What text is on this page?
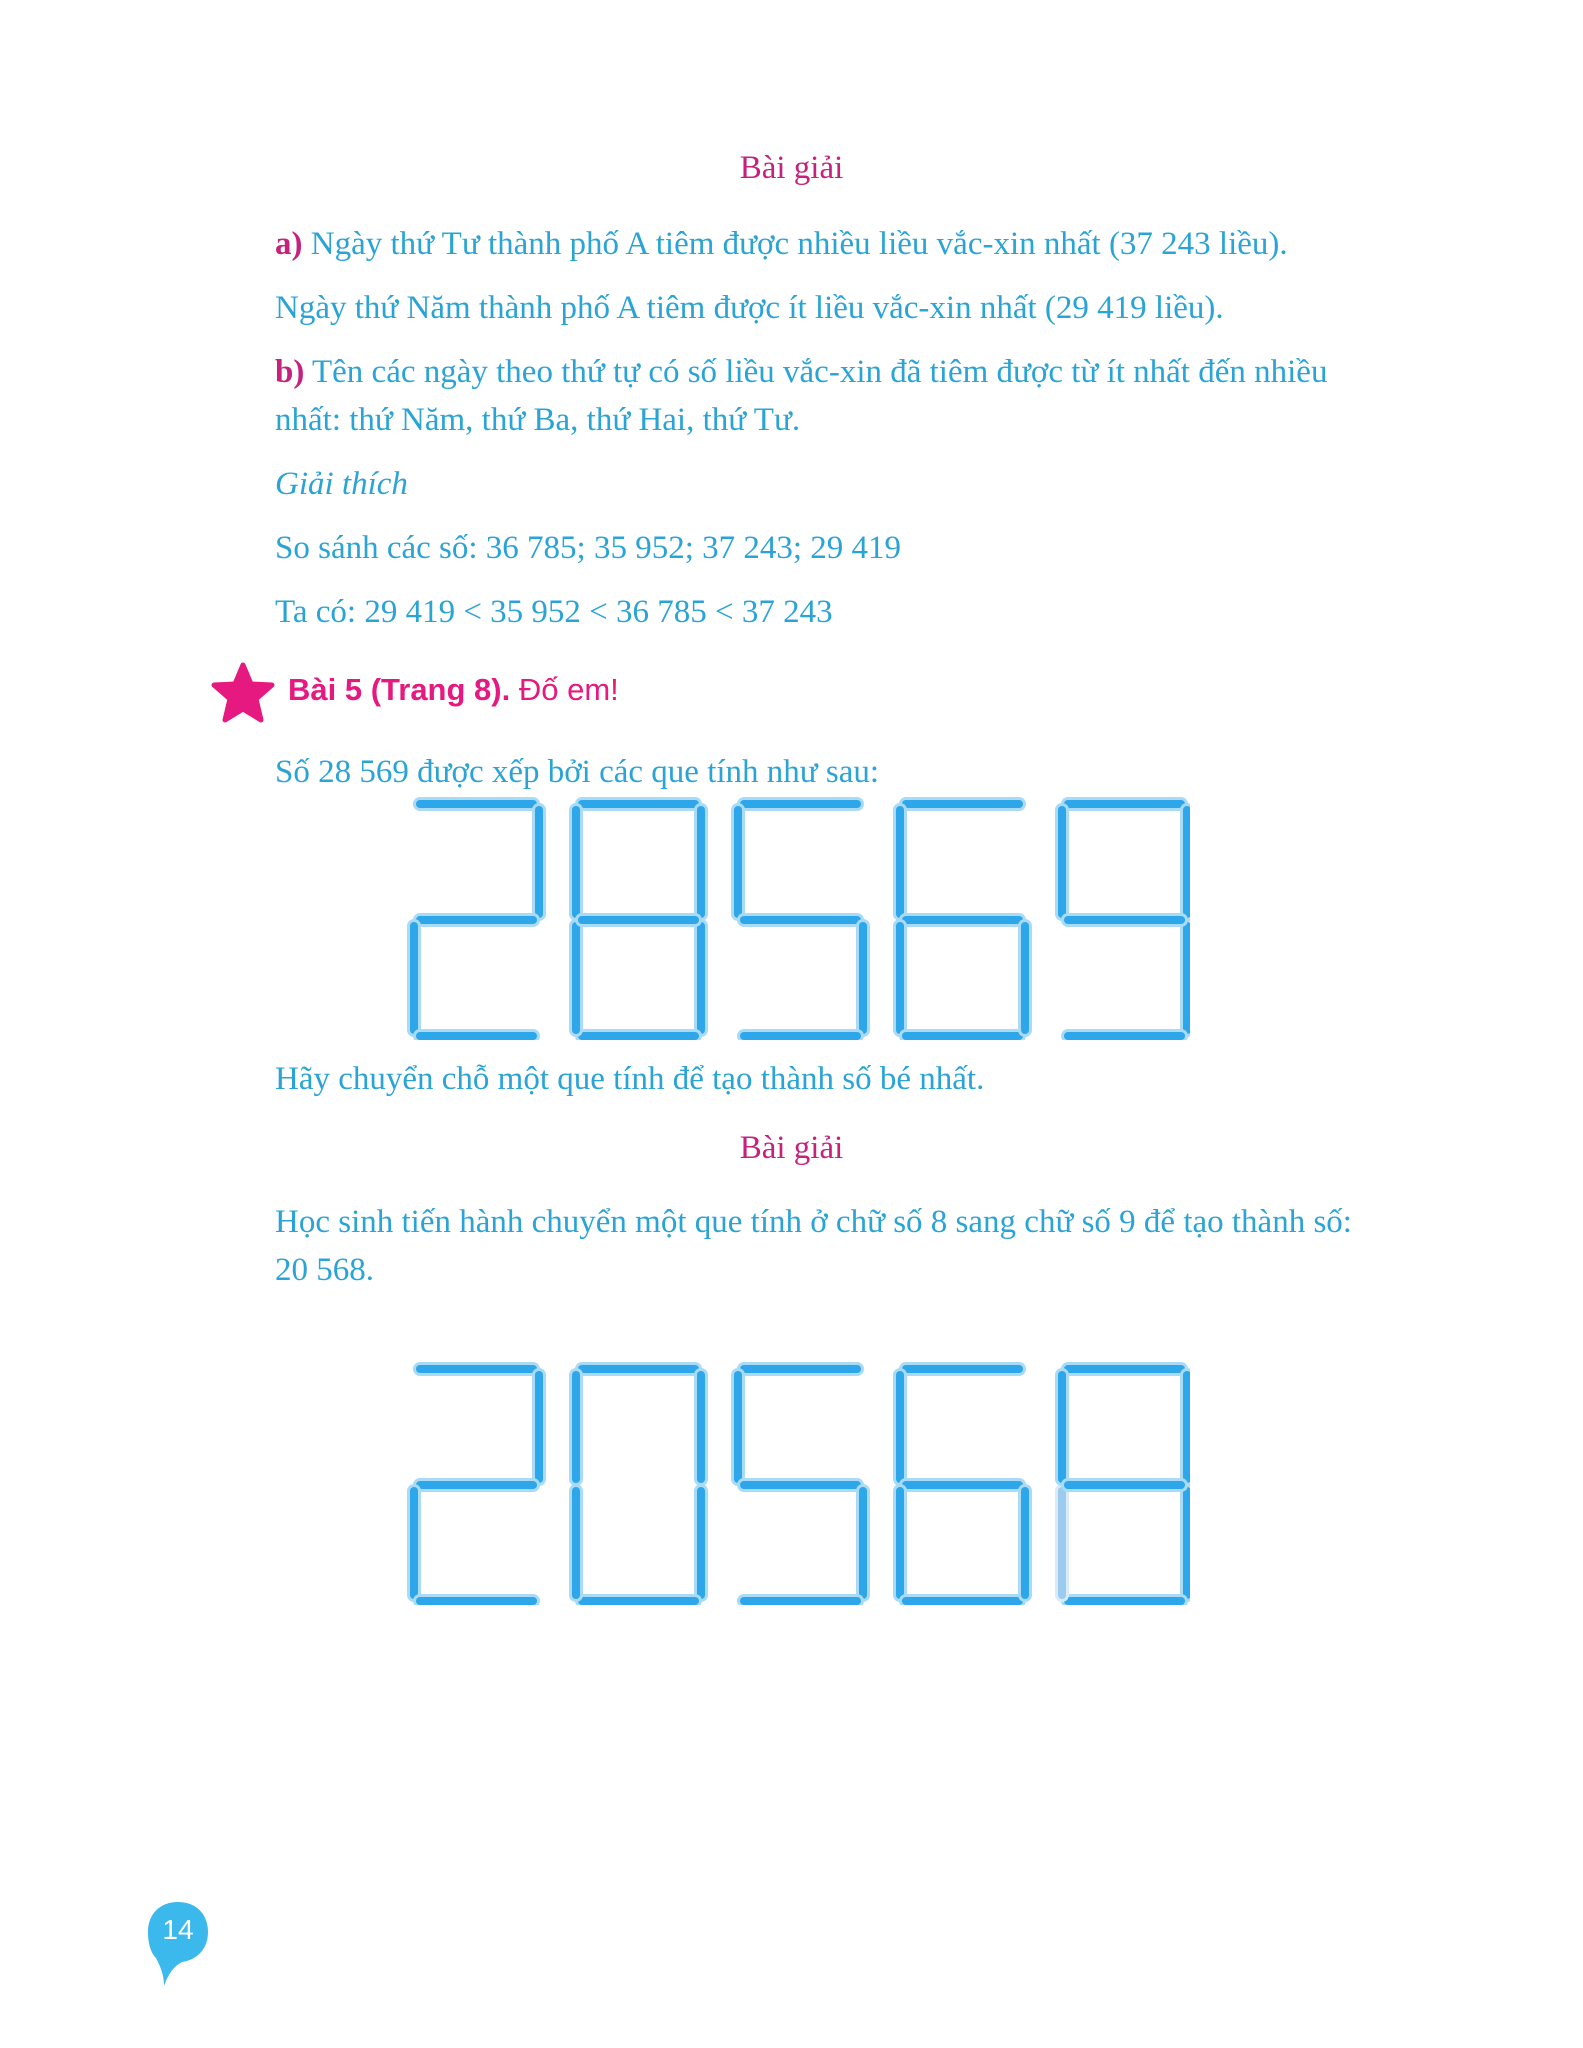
Bài giải

a) Ngày thứ Tư thành phố A tiêm được nhiều liều vắc-xin nhất (37 243 liều).

Ngày thứ Năm thành phố A tiêm được ít liều vắc-xin nhất (29 419 liều).

b) Tên các ngày theo thứ tự có số liều vắc-xin đã tiêm được từ ít nhất đến nhiều nhất: thứ Năm, thứ Ba, thứ Hai, thứ Tư.

Giải thích

So sánh các số: 36 785; 35 952; 37 243; 29 419

Ta có: 29 419 < 35 952 < 36 785 < 37 243

Bài 5 (Trang 8). Đố em!

Số 28 569 được xếp bởi các que tính như sau:

Hãy chuyển chỗ một que tính để tạo thành số bé nhất.

Bài giải

Học sinh tiến hành chuyển một que tính ở chữ số 8 sang chữ số 9 để tạo thành số: 20 568.

14
